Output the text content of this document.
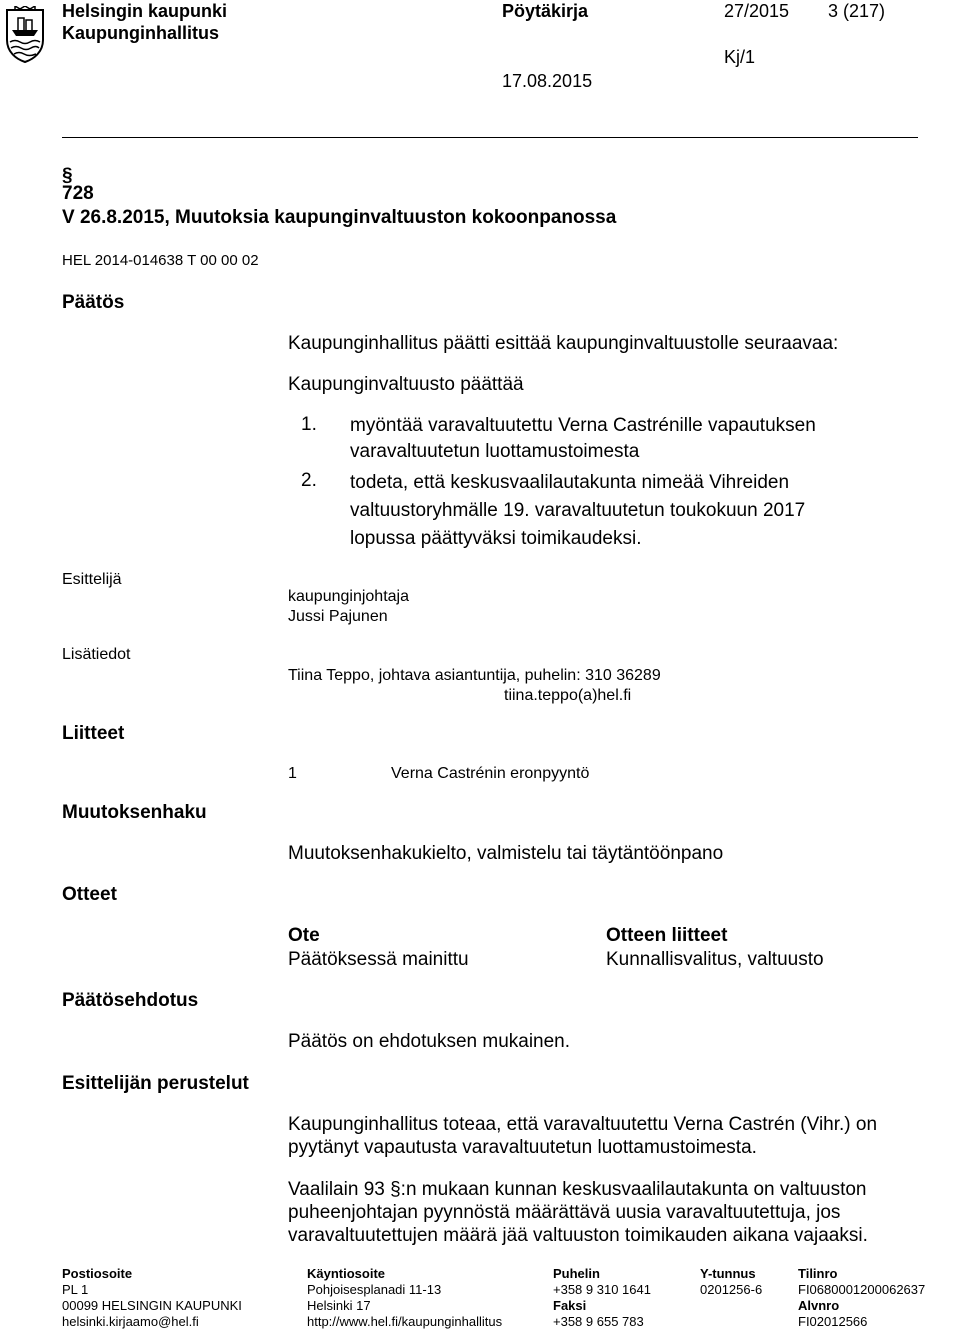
Helsingin kaupunki
Kaupunginhallitus
Pöytäkirja	27/2015 3 (217)
Kj/1
17.08.2015
§
728
V 26.8.2015, Muutoksia kaupunginvaltuuston kokoonpanossa
HEL 2014-014638 T 00 00 02
Päätös
Esittelijä
Lisätiedot
Liitteet
Muutoksenhaku
Otteet
Päätösehdotus
Esittelijän perustelut
Kaupunginhallitus päätti esittää kaupunginvaltuustolle seuraavaa:
Kaupunginvaltuusto päättää
1. myöntää varavaltuutettu Verna Castrénille vapautuksen
varavaltuutetun luottamustoimesta
2. todeta, että keskusvaalilautakunta nimeää Vihreiden
valtuustoryhmälle 19. varavaltuutetun toukokuun 2017
lopussa päättyväksi toimikaudeksi.
kaupunginjohtaja
Jussi Pajunen
Tiina Teppo, johtava asiantuntija, puhelin: 310 36289
tiina.teppo(a)hel.fi
1	Verna Castrénin eronpyyntö
Muutoksenhakukielto, valmistelu tai täytäntöönpano
Ote
Päätöksessä mainittu
Otteen liitteet
Kunnallisvalitus, valtuusto
Päätös on ehdotuksen mukainen.
Kaupunginhallitus toteaa, että varavaltuutettu Verna Castrén (Vihr.) on pyytänyt vapautusta varavaltuutetun luottamustoimesta.
Vaalilain 93 §:n mukaan kunnan keskusvaalilautakunta on valtuuston puheenjohtajan pyynnöstä määrättävä uusia varavaltuutettuja, jos varavaltuutettujen määrä jää valtuuston toimikauden aikana vajaaksi.
Postiosoite
PL 1
00099 HELSINGIN KAUPUNKI
helsinki.kirjaamo@hel.fi
Käyntiosoite
Pohjoisesplanadi 11-13
Helsinki 17
http://www.hel.fi/kaupunginhallitus
Puhelin
+358 9 310 1641
Faksi
+358 9 655 783
Y-tunnus
0201256-6
Tilinro
FI0680001200062637
Alvnro
FI02012566
